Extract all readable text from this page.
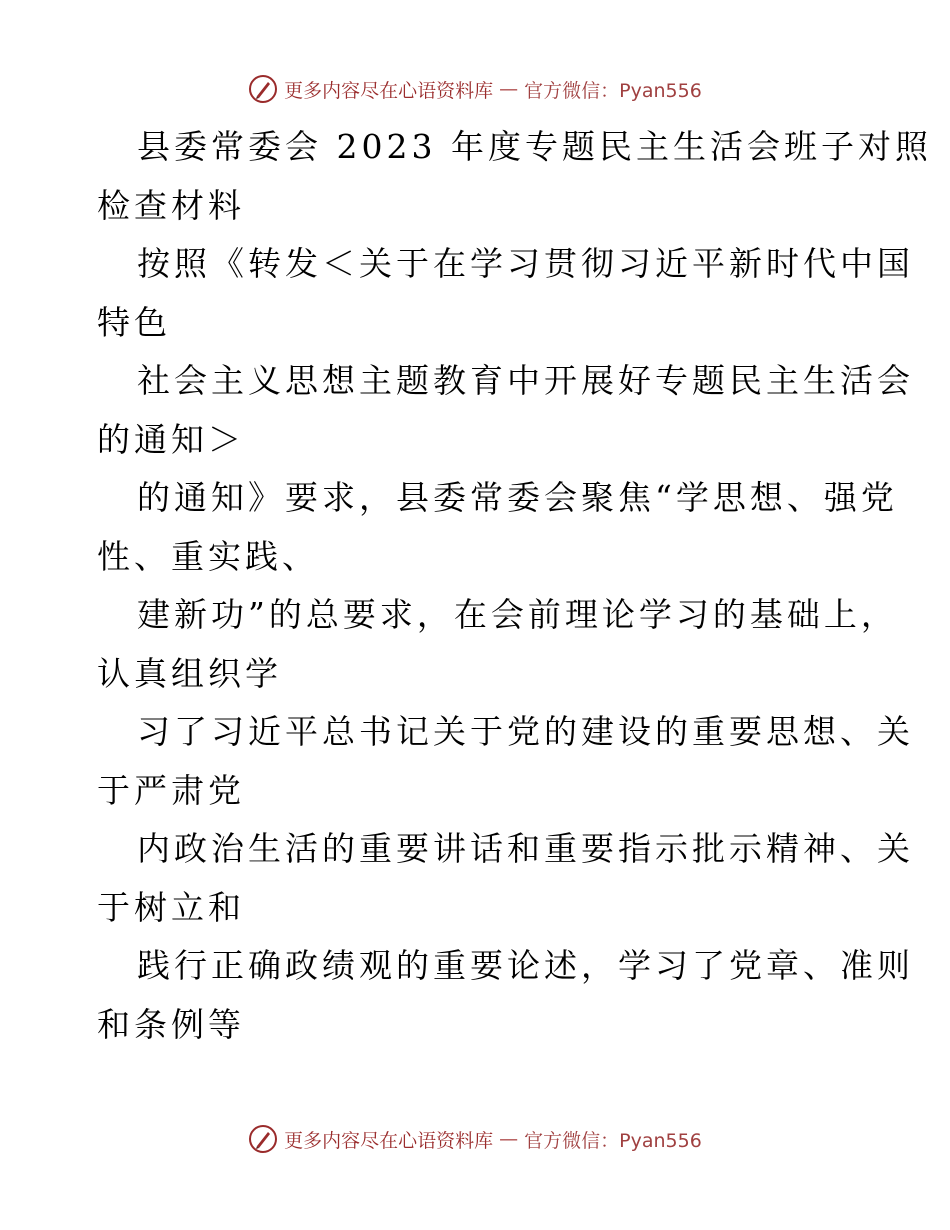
更多内容尽在心语资料库 — 官方微信：Pyan556
县委常委会 2023 年度专题民主生活会班子对照
检查材料
按照《转发＜关于在学习贯彻习近平新时代中国
特色
社会主义思想主题教育中开展好专题民主生活会
的通知＞
的通知》要求，县委常委会聚焦“学思想、强党
性、重实践、
建新功”的总要求，在会前理论学习的基础上，
认真组织学
习了习近平总书记关于党的建设的重要思想、关
于严肃党
内政治生活的重要讲话和重要指示批示精神、关
于树立和
践行正确政绩观的重要论述，学习了党章、准则
和条例等
更多内容尽在心语资料库 — 官方微信：Pyan556
